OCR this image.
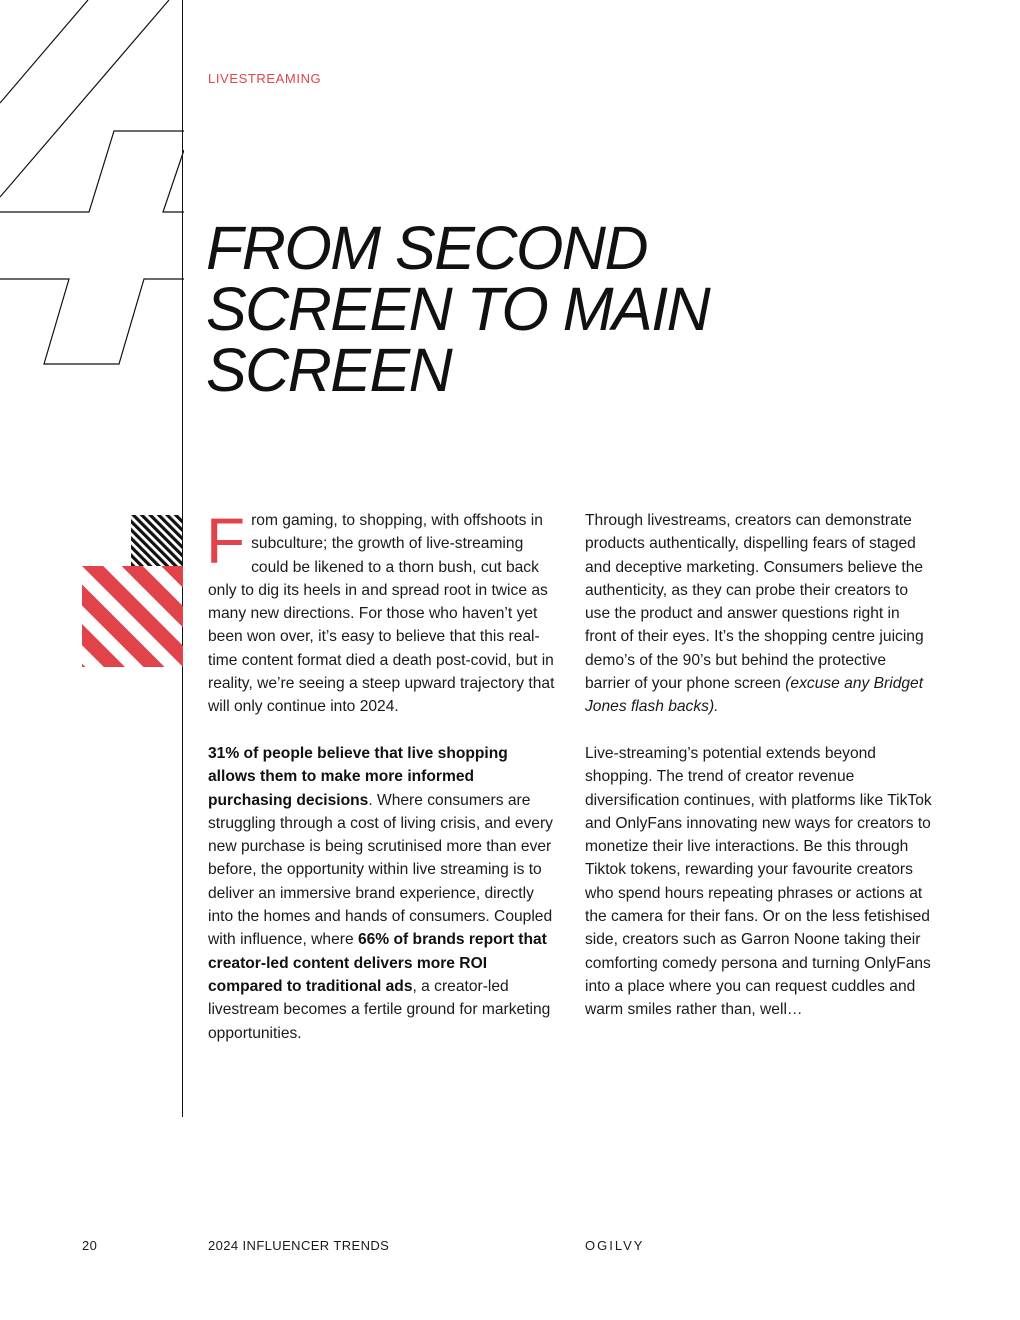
LIVESTREAMING
FROM SECOND
SCREEN TO MAIN
SCREEN

From gaming, to shopping, with offshoots in subculture; the growth of live-streaming could be likened to a thorn bush, cut back only to dig its heels in and spread root in twice as many new directions. For those who haven’t yet been won over, it’s easy to believe that this real-time content format died a death post-covid, but in reality, we’re seeing a steep upward trajectory that will only continue into 2024.

31% of people believe that live shopping allows them to make more informed purchasing decisions. Where consumers are struggling through a cost of living crisis, and every new purchase is being scrutinised more than ever before, the opportunity within live streaming is to deliver an immersive brand experience, directly into the homes and hands of consumers. Coupled with influence, where 66% of brands report that creator-led content delivers more ROI compared to traditional ads, a creator-led livestream becomes a fertile ground for marketing opportunities.

Through livestreams, creators can demonstrate products authentically, dispelling fears of staged and deceptive marketing. Consumers believe the authenticity, as they can probe their creators to use the product and answer questions right in front of their eyes. It’s the shopping centre juicing demo’s of the 90’s but behind the protective barrier of your phone screen (excuse any Bridget Jones flash backs).

Live-streaming’s potential extends beyond shopping. The trend of creator revenue diversification continues, with platforms like TikTok and OnlyFans innovating new ways for creators to monetize their live interactions. Be this through Tiktok tokens, rewarding your favourite creators who spend hours repeating phrases or actions at the camera for their fans. Or on the less fetishised side, creators such as Garron Noone taking their comforting comedy persona and turning OnlyFans into a place where you can request cuddles and warm smiles rather than, well…

20	2024 INFLUENCER TRENDS	OGILVY
